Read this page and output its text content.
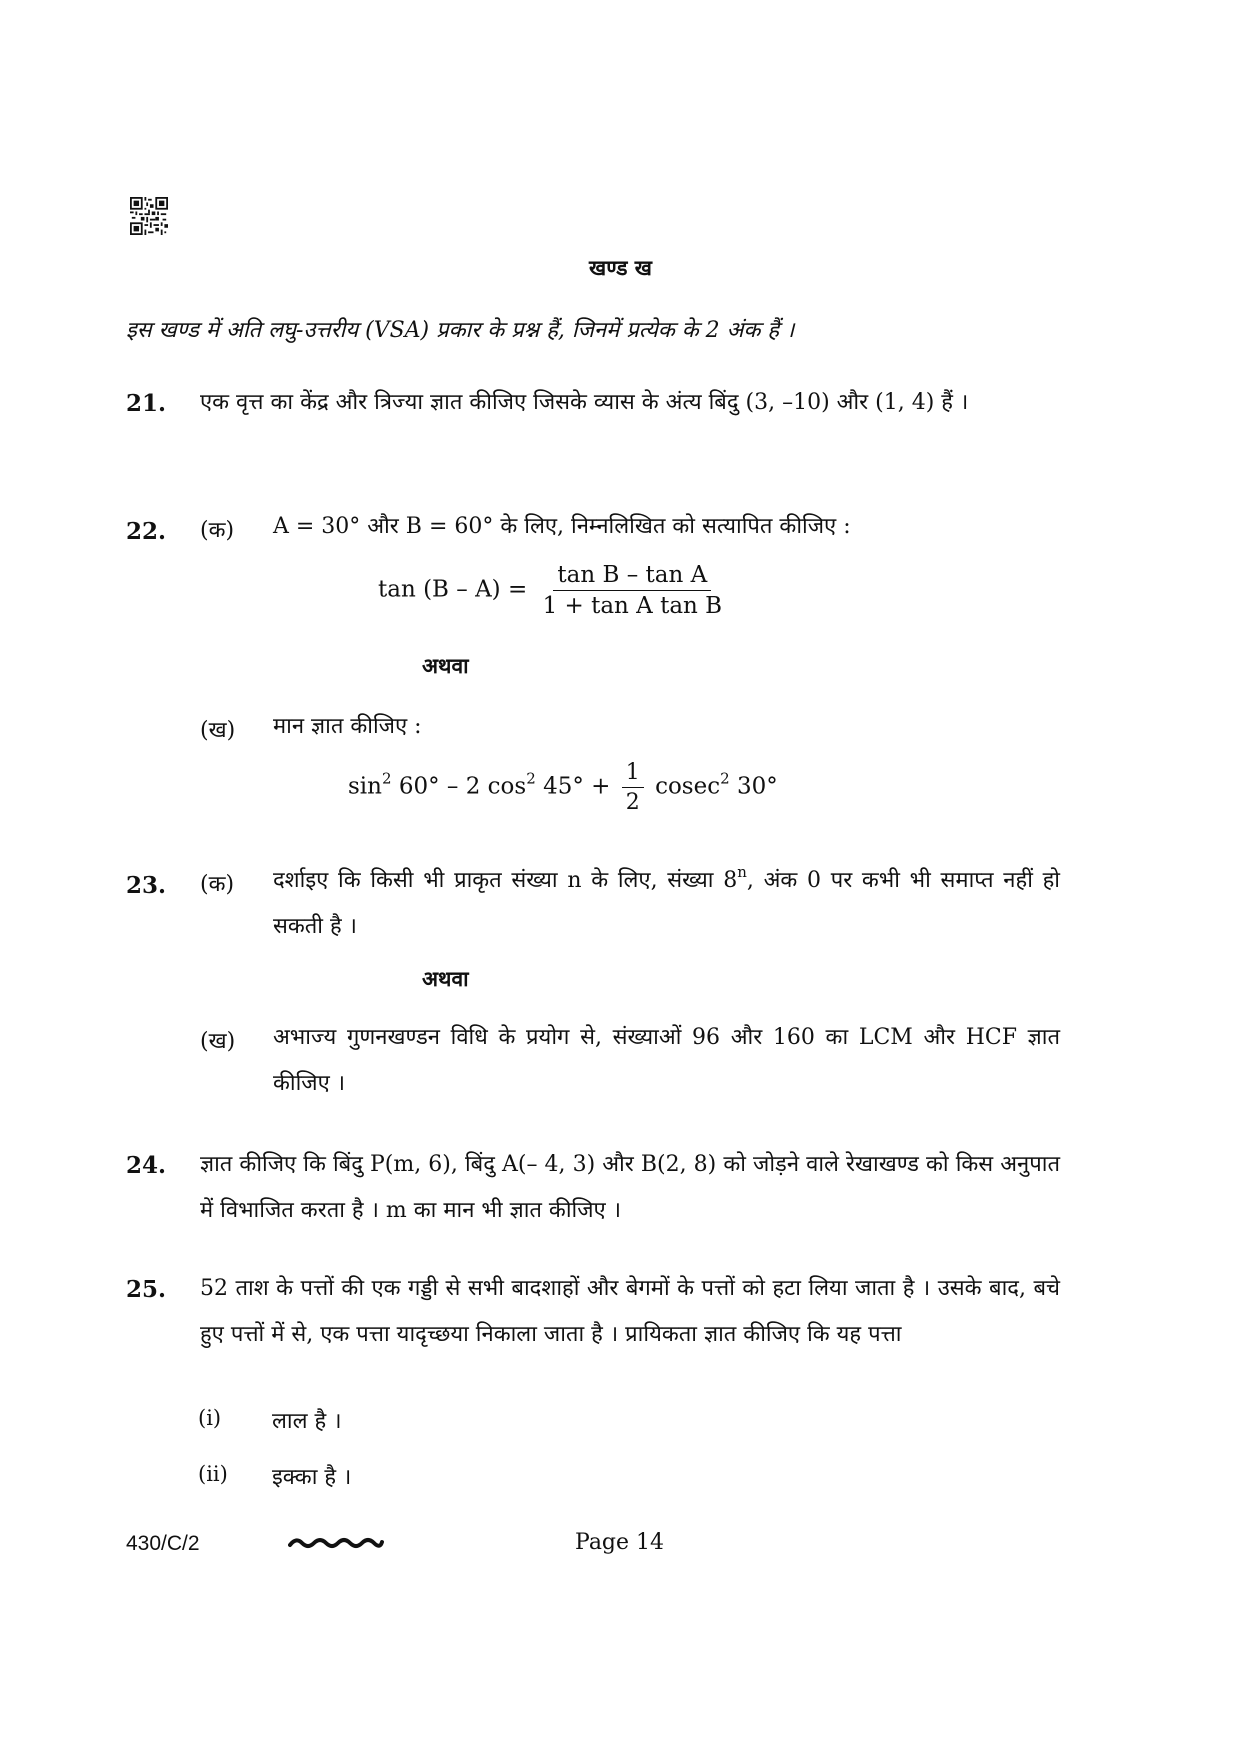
खण्ड ख
इस खण्ड में अति लघु-उत्तरीय (VSA) प्रकार के प्रश्न हैं, जिनमें प्रत्येक के 2 अंक हैं ।
21. एक वृत्त का केंद्र और त्रिज्या ज्ञात कीजिए जिसके व्यास के अंत्य बिंदु (3, –10) और (1, 4) हैं ।
22. (क) A = 30° और B = 60° के लिए, निम्नलिखित को सत्यापित कीजिए :
$\tan (B - A) = \frac{\text{tan B – tan A}}{\text{1 + tan A tan B}}$
अथवा
(ख) मान ज्ञात कीजिए :
$\sin^2 60^\circ - 2$ $\cos^2 45^\circ + \frac{1}{2} cosec^2$ 30°
23. (क) दर्शाइए कि किसी भी प्राकृत संख्या n के लिए, संख्या 8$^n$, अंक 0 पर कभी भी समाप्त नहीं हो सकती है ।
अथवा
(ख) अभाज्य गुणनखण्डन विधि के प्रयोग से, संख्याओं 96 और 160 का LCM और HCF ज्ञात कीजिए ।
24. ज्ञात कीजिए कि बिंदु P(m, 6), बिंदु A(– 4, 3) और B(2, 8) को जोड़ने वाले रेखाखण्ड को किस अनुपात में विभाजित करता है । m का मान भी ज्ञात कीजिए ।
25. 52 ताश के पत्तों की एक गड्डी से सभी बादशाहों और बेगमों के पत्तों को हटा लिया जाता है । उसके बाद, बचे हुए पत्तों में से, एक पत्ता यादृच्छया निकाला जाता है । प्रायिकता ज्ञात कीजिए कि यह पत्ता
(i) लाल है ।
(ii) इक्का है ।
430/C/2	Page 14
